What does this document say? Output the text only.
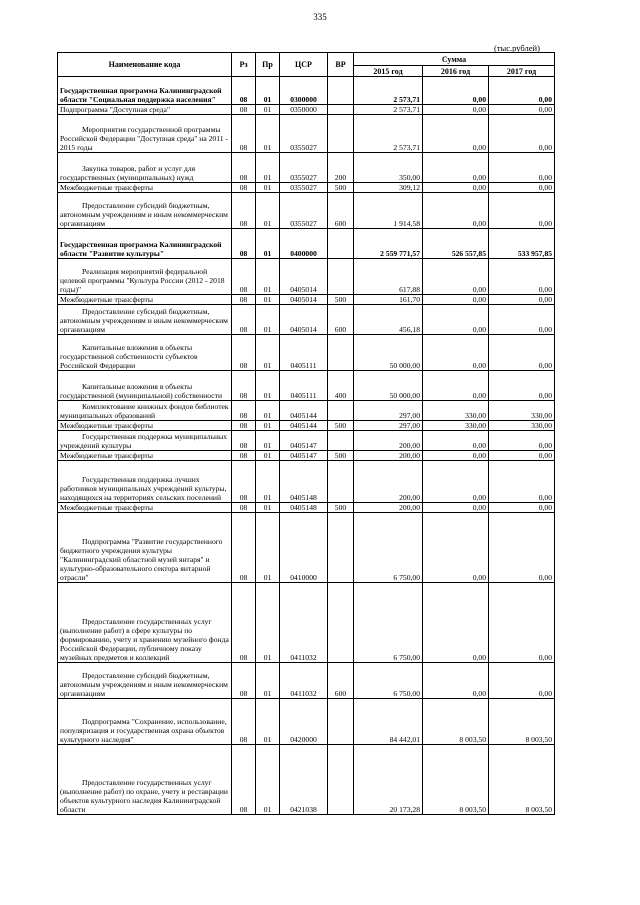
335
(тыс.рублей)
Наименование кода	Рз	Пр	ЦСР	ВР	Сумма		
					2015 год	2016 год	2017 год
Государственная программа Калининградской области "Социальная поддержка населения"	08	01	0300000		2 573,71	0,00	0,00
Подпрограмма "Доступная среда"	08	01	0350000		2 573,71	0,00	0,00
Мероприятия государственной программы Российской Федерации "Доступная среда" на 2011 - 2015 годы	08	01	0355027		2 573,71	0,00	0,00
Закупка товаров, работ и услуг для государственных (муниципальных) нужд	08	01	0355027	200	350,00	0,00	0,00
Межбюджетные трансферты	08	01	0355027	500	309,12	0,00	0,00
Предоставление субсидий бюджетным, автономным учреждениям и иным некоммерческим организациям	08	01	0355027	600	1 914,58	0,00	0,00
Государственная программа Калининградской области "Развитие культуры"	08	01	0400000		2 559 771,57	526 557,85	533 957,85
Реализация мероприятий федеральной целевой программы "Культура России (2012 - 2018 годы)"	08	01	0405014		617,88	0,00	0,00
Межбюджетные трансферты	08	01	0405014	500	161,70	0,00	0,00
Предоставление субсидий бюджетным, автономным учреждениям и иным некоммерческим организациям	08	01	0405014	600	456,18	0,00	0,00
Капитальные вложения в объекты государственной собственности субъектов Российской Федерации	08	01	0405111		50 000,00	0,00	0,00
Капитальные вложения в объекты государственной (муниципальной) собственности	08	01	0405111	400	50 000,00	0,00	0,00
Комплектование книжных фондов библиотек муниципальных образований	08	01	0405144		297,00	330,00	330,00
Межбюджетные трансферты	08	01	0405144	500	297,00	330,00	330,00
Государственная поддержка муниципальных учреждений культуры	08	01	0405147		200,00	0,00	0,00
Межбюджетные трансферты	08	01	0405147	500	200,00	0,00	0,00
Государственная поддержка лучших работников муниципальных учреждений культуры, находящихся на территориях сельских поселений	08	01	0405148		200,00	0,00	0,00
Межбюджетные трансферты	08	01	0405148	500	200,00	0,00	0,00
Подпрограмма "Развитие государственного бюджетного учреждения культуры "Калининградский областной музей янтаря" и культурно-образовательного сектора янтарной отрасли"	08	01	0410000		6 750,00	0,00	0,00
Предоставление государственных услуг (выполнение работ) в сфере культуры по формированию, учету и хранению музейного фонда Российской Федерации, публичному показу музейных предметов и коллекций	08	01	0411032		6 750,00	0,00	0,00
Предоставление субсидий бюджетным, автономным учреждениям и иным некоммерческим организациям	08	01	0411032	600	6 750,00	0,00	0,00
Подпрограмма "Сохранение, использование, популяризация и государственная охрана объектов культурного наследия"	08	01	0420000		84 442,01	8 003,50	8 003,50
Предоставление государственных услуг (выполнение работ) по охране, учету и реставрации объектов культурного наследия Калининградской области	08	01	0421038		20 173,28	8 003,50	8 003,50
